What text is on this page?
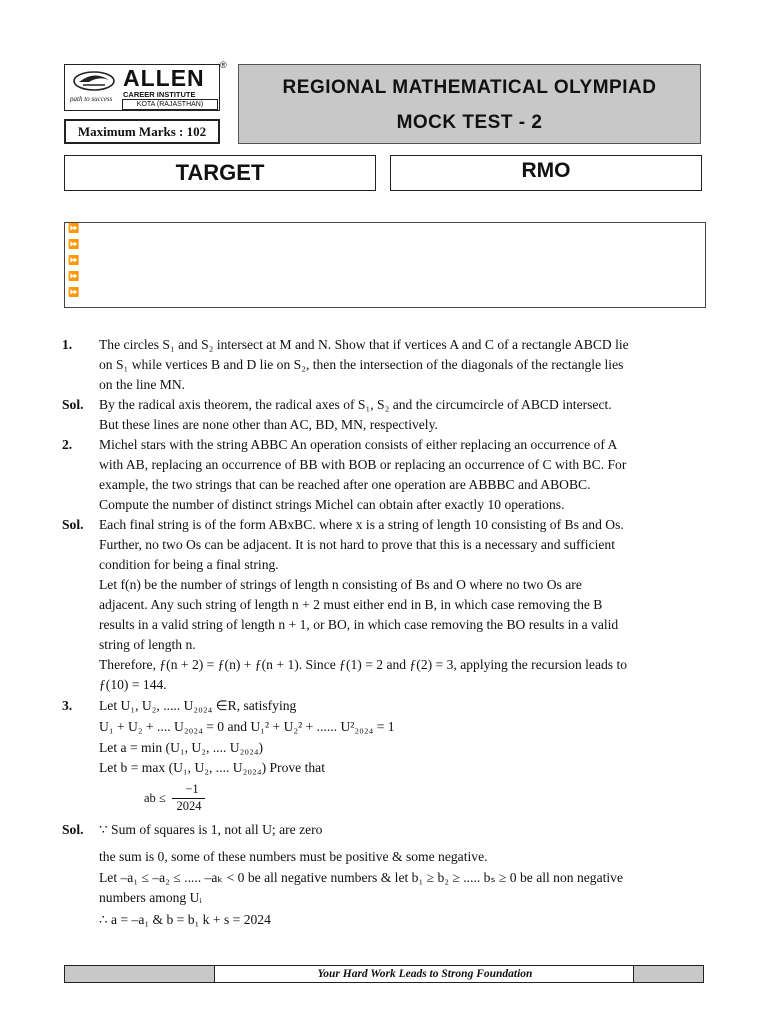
path to success
ALLEN
CAREER INSTITUTE
KOTA (RAJASTHAN)
®
Maximum Marks : 102
REGIONAL MATHEMATICAL OLYMPIAD
MOCK TEST - 2
TARGET	RMO
⏩
⏩
⏩
⏩
⏩
1. The circles S₁ and S₂ intersect at M and N. Show that if vertices A and C of a rectangle ABCD lie
on S₁ while vertices B and D lie on S₂, then the intersection of the diagonals of the rectangle lies
on the line MN.
Sol. By the radical axis theorem, the radical axes of S₁, S₂ and the circumcircle of ABCD intersect.
But these lines are none other than AC, BD, MN, respectively.
2. Michel stars with the string ABBC An operation consists of either replacing an occurrence of A
with AB, replacing an occurrence of BB with BOB or replacing an occurrence of C with BC. For
example, the two strings that can be reached after one operation are ABBBC and ABOBC.
Compute the number of distinct strings Michel can obtain after exactly 10 operations.
Sol. Each final string is of the form ABxBC. where x is a string of length 10 consisting of Bs and Os.
Further, no two Os can be adjacent. It is not hard to prove that this is a necessary and sufficient
condition for being a final string.
Let f(n) be the number of strings of length n consisting of Bs and O where no two Os are
adjacent. Any such string of length n + 2 must either end in B, in which case removing the B
results in a valid string of length n + 1, or BO, in which case removing the BO results in a valid
string of length n.
Therefore, ƒ(n + 2) = ƒ(n) + ƒ(n + 1). Since ƒ(1) = 2 and ƒ(2) = 3, applying the recursion leads to
ƒ(10) = 144.
3. Let U₁, U₂, ..... U₂₀₂₄ ∈R, satisfying
U₁ + U₂ + .... U₂₀₂₄ = 0 and U₁² + U₂² + ...... U²₂₀₂₄ = 1
Let a = min (U₁, U₂, .... U₂₀₂₄)
Let b = max (U₁, U₂, .... U₂₀₂₄) Prove that
ab ≤
−1
2024
Sol. ∵ Sum of squares is 1, not all U; are zero
the sum is 0, some of these numbers must be positive & some negative.
Let –a₁ ≤ –a₂ ≤ ..... –aₖ < 0 be all negative numbers & let b₁ ≥ b₂ ≥ ..... bₛ ≥ 0 be all non negative
numbers among Uᵢ
∴ a = –a₁ & b = b₁ k + s = 2024
Your Hard Work Leads to Strong Foundation
